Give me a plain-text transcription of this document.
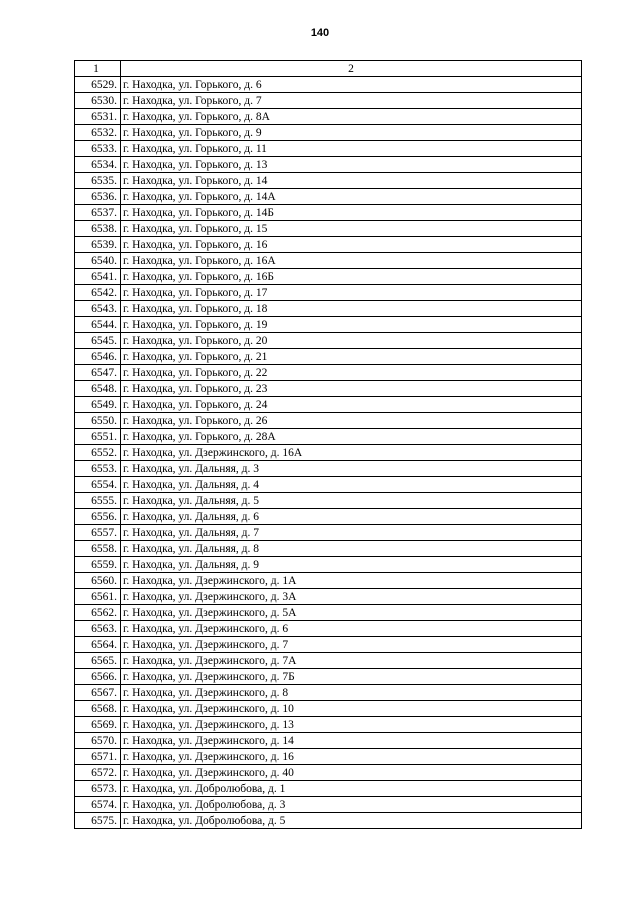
140
1	2
6529.	г. Находка, ул. Горького, д. 6
6530.	г. Находка, ул. Горького, д. 7
6531.	г. Находка, ул. Горького, д. 8А
6532.	г. Находка, ул. Горького, д. 9
6533.	г. Находка, ул. Горького, д. 11
6534.	г. Находка, ул. Горького, д. 13
6535.	г. Находка, ул. Горького, д. 14
6536.	г. Находка, ул. Горького, д. 14А
6537.	г. Находка, ул. Горького, д. 14Б
6538.	г. Находка, ул. Горького, д. 15
6539.	г. Находка, ул. Горького, д. 16
6540.	г. Находка, ул. Горького, д. 16А
6541.	г. Находка, ул. Горького, д. 16Б
6542.	г. Находка, ул. Горького, д. 17
6543.	г. Находка, ул. Горького, д. 18
6544.	г. Находка, ул. Горького, д. 19
6545.	г. Находка, ул. Горького, д. 20
6546.	г. Находка, ул. Горького, д. 21
6547.	г. Находка, ул. Горького, д. 22
6548.	г. Находка, ул. Горького, д. 23
6549.	г. Находка, ул. Горького, д. 24
6550.	г. Находка, ул. Горького, д. 26
6551.	г. Находка, ул. Горького, д. 28А
6552.	г. Находка, ул. Дзержинского, д. 16А
6553.	г. Находка, ул. Дальняя, д. 3
6554.	г. Находка, ул. Дальняя, д. 4
6555.	г. Находка, ул. Дальняя, д. 5
6556.	г. Находка, ул. Дальняя, д. 6
6557.	г. Находка, ул. Дальняя, д. 7
6558.	г. Находка, ул. Дальняя, д. 8
6559.	г. Находка, ул. Дальняя, д. 9
6560.	г. Находка, ул. Дзержинского, д. 1А
6561.	г. Находка, ул. Дзержинского, д. 3А
6562.	г. Находка, ул. Дзержинского, д. 5А
6563.	г. Находка, ул. Дзержинского, д. 6
6564.	г. Находка, ул. Дзержинского, д. 7
6565.	г. Находка, ул. Дзержинского, д. 7А
6566.	г. Находка, ул. Дзержинского, д. 7Б
6567.	г. Находка, ул. Дзержинского, д. 8
6568.	г. Находка, ул. Дзержинского, д. 10
6569.	г. Находка, ул. Дзержинского, д. 13
6570.	г. Находка, ул. Дзержинского, д. 14
6571.	г. Находка, ул. Дзержинского, д. 16
6572.	г. Находка, ул. Дзержинского, д. 40
6573.	г. Находка, ул. Добролюбова, д. 1
6574.	г. Находка, ул. Добролюбова, д. 3
6575.	г. Находка, ул. Добролюбова, д. 5
